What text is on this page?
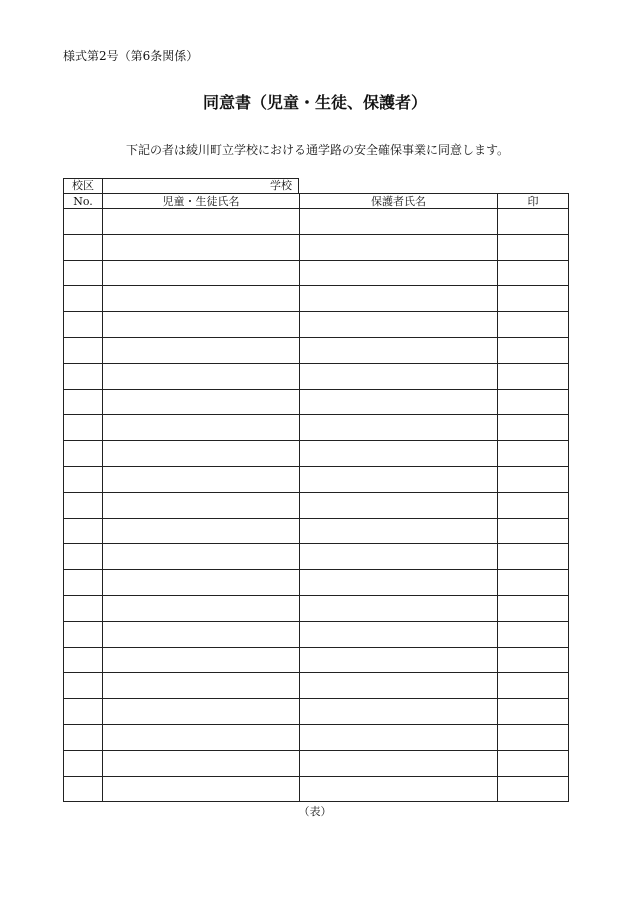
様式第2号（第6条関係）
同意書（児童・生徒、保護者）
下記の者は綾川町立学校における通学路の安全確保事業に同意します。
校区	学校
No.	児童・生徒氏名	保護者氏名	印

（表）
